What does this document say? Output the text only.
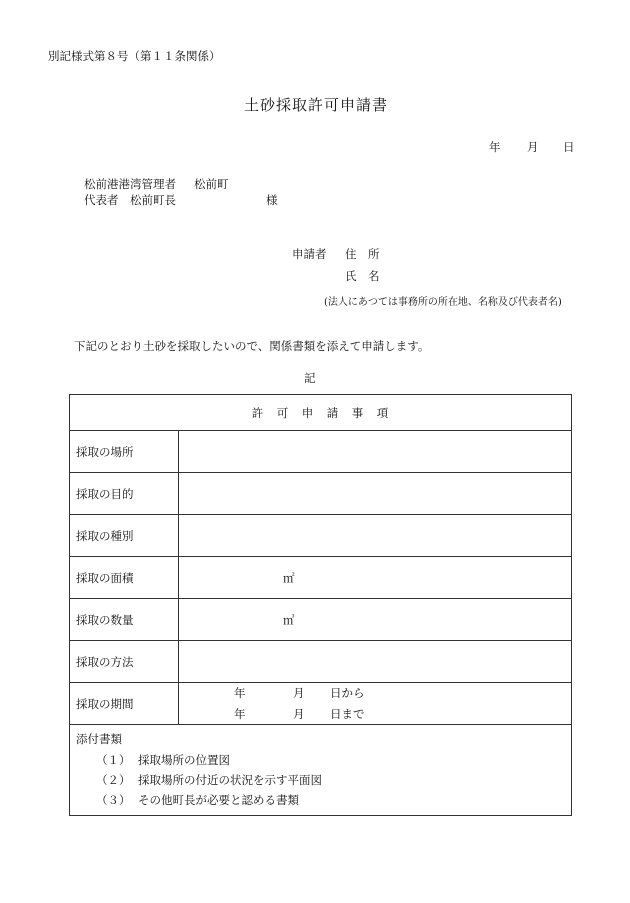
別記様式第８号（第１１条関係）
土砂採取許可申請書
年 月 日
松前港港湾管理者 松前町
代表者 松前町長	様
申請者 住　所
氏　名
(法人にあつては事務所の所在地、名称及び代表者名)
下記のとおり土砂を採取したいので、関係書類を添えて申請します。
記
許　可　申　請　事　項	
採取の場所	

採取の目的	

採取の種別	

採取の面積	㎡

採取の数量	㎥

採取の方法	

採取の期間	年 月 日から
年 月 日まで

添付書類
（１） 採取場所の位置図
（２） 採取場所の付近の状況を示す平面図
（３） その他町長が必要と認める書類	
